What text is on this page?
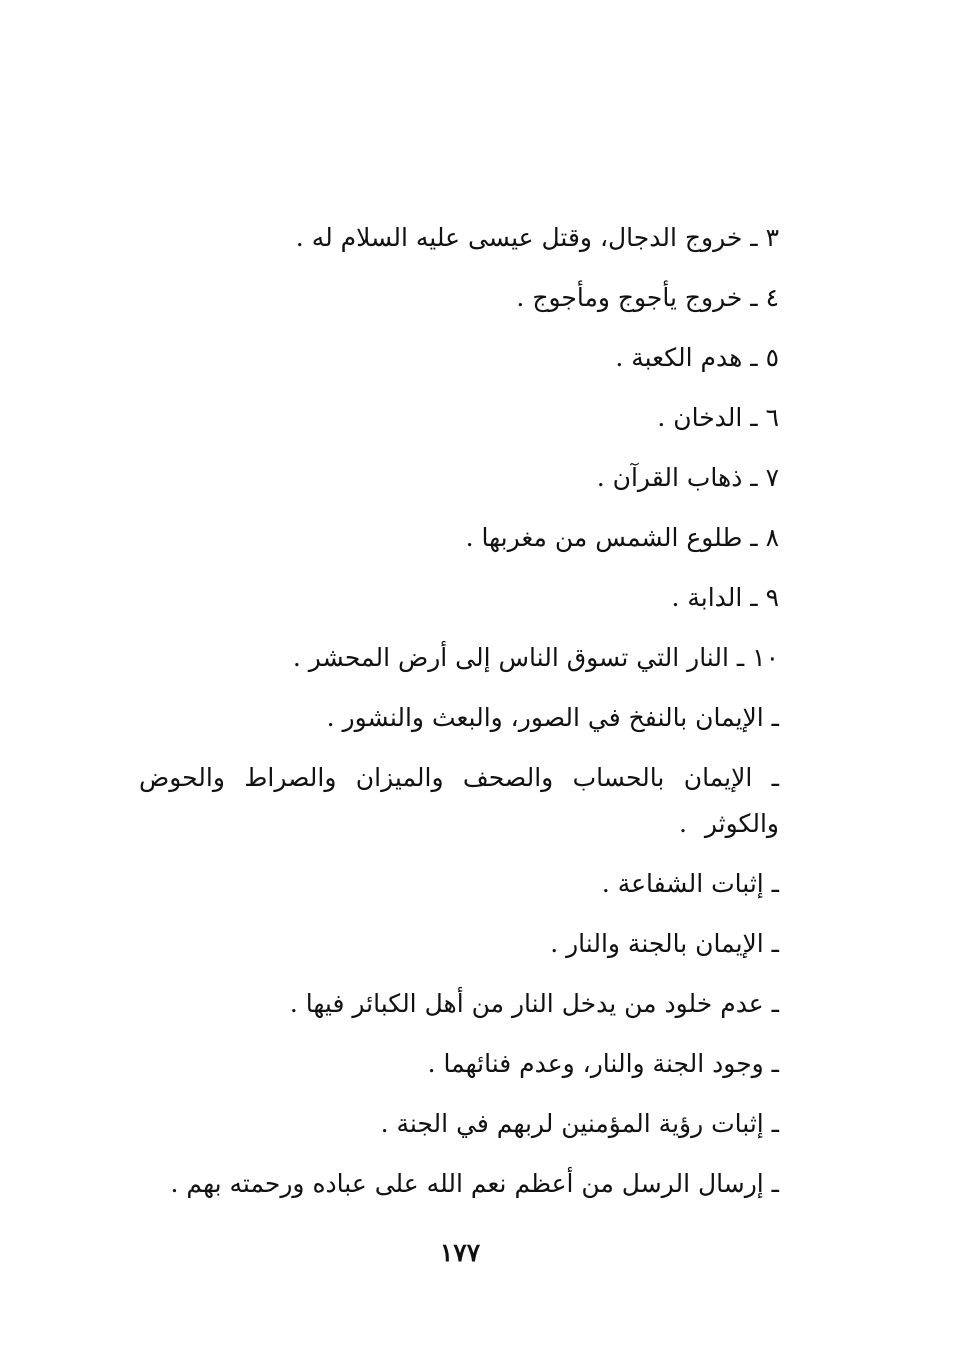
٣ ـ خروج الدجال، وقتل عيسى عليه السلام له .
٤ ـ خروج يأجوج ومأجوج .
٥ ـ هدم الكعبة .
٦ ـ الدخان .
٧ ـ ذهاب القرآن .
٨ ـ طلوع الشمس من مغربها .
٩ ـ الدابة .
١٠ ـ النار التي تسوق الناس إلى أرض المحشر .
ـ الإيمان بالنفخ في الصور، والبعث والنشور .
ـ الإيمان بالحساب والصحف والميزان والصراط والحوض والكوثر .
ـ إثبات الشفاعة .
ـ الإيمان بالجنة والنار .
ـ عدم خلود من يدخل النار من أهل الكبائر فيها .
ـ وجود الجنة والنار، وعدم فنائهما .
ـ إثبات رؤية المؤمنين لربهم في الجنة .
ـ إرسال الرسل من أعظم نعم الله على عباده ورحمته بهم .
١٧٧
